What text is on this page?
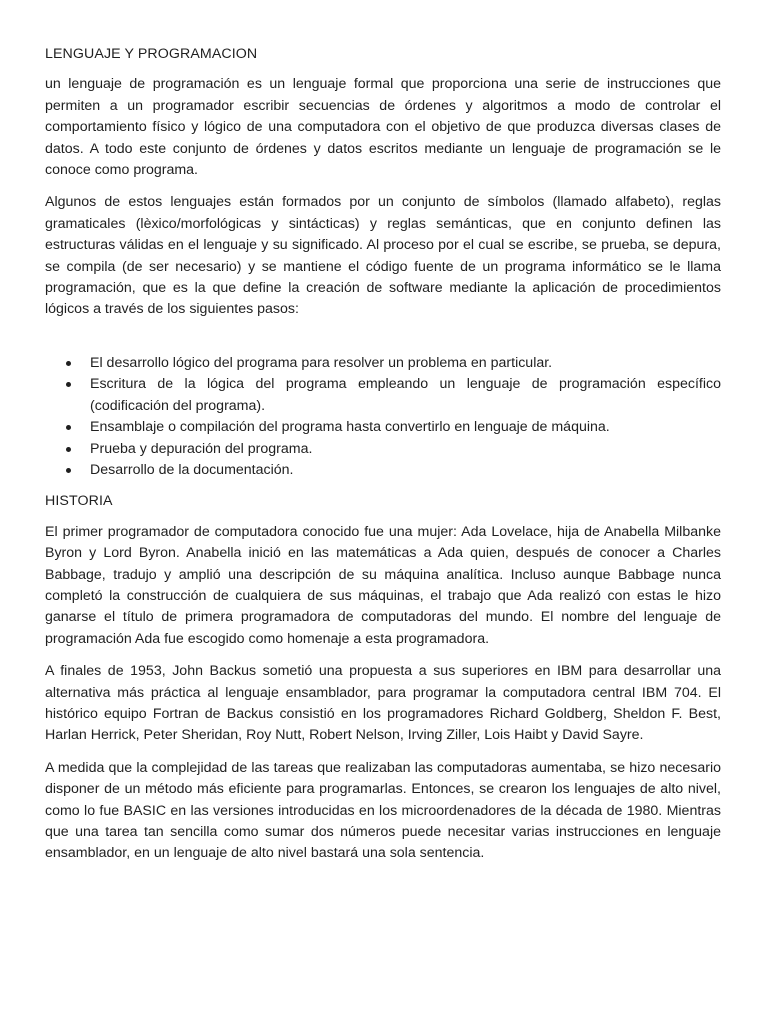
LENGUAJE Y PROGRAMACION

un lenguaje de programación es un lenguaje formal que proporciona una serie de instrucciones que permiten a un programador escribir secuencias de órdenes y algoritmos a modo de controlar el comportamiento físico y lógico de una computadora con el objetivo de que produzca diversas clases de datos. A todo este conjunto de órdenes y datos escritos mediante un lenguaje de programación se le conoce como programa.

Algunos de estos lenguajes están formados por un conjunto de símbolos (llamado alfabeto), reglas gramaticales (lèxico/morfológicas y sintácticas) y reglas semánticas, que en conjunto definen las estructuras válidas en el lenguaje y su significado. Al proceso por el cual se escribe, se prueba, se depura, se compila (de ser necesario) y se mantiene el código fuente de un programa informático se le llama programación, que es la que define la creación de software mediante la aplicación de procedimientos lógicos a través de los siguientes pasos:

El desarrollo lógico del programa para resolver un problema en particular.
Escritura de la lógica del programa empleando un lenguaje de programación específico (codificación del programa).
Ensamblaje o compilación del programa hasta convertirlo en lenguaje de máquina.
Prueba y depuración del programa.
Desarrollo de la documentación.
HISTORIA

El primer programador de computadora conocido fue una mujer: Ada Lovelace, hija de Anabella Milbanke Byron y Lord Byron. Anabella inició en las matemáticas a Ada quien, después de conocer a Charles Babbage, tradujo y amplió una descripción de su máquina analítica. Incluso aunque Babbage nunca completó la construcción de cualquiera de sus máquinas, el trabajo que Ada realizó con estas le hizo ganarse el título de primera programadora de computadoras del mundo. El nombre del lenguaje de programación Ada fue escogido como homenaje a esta programadora.

A finales de 1953, John Backus sometió una propuesta a sus superiores en IBM para desarrollar una alternativa más práctica al lenguaje ensamblador, para programar la computadora central IBM 704. El histórico equipo Fortran de Backus consistió en los programadores Richard Goldberg, Sheldon F. Best, Harlan Herrick, Peter Sheridan, Roy Nutt, Robert Nelson, Irving Ziller, Lois Haibt y David Sayre.

A medida que la complejidad de las tareas que realizaban las computadoras aumentaba, se hizo necesario disponer de un método más eficiente para programarlas. Entonces, se crearon los lenguajes de alto nivel, como lo fue BASIC en las versiones introducidas en los microordenadores de la década de 1980. Mientras que una tarea tan sencilla como sumar dos números puede necesitar varias instrucciones en lenguaje ensamblador, en un lenguaje de alto nivel bastará una sola sentencia.
